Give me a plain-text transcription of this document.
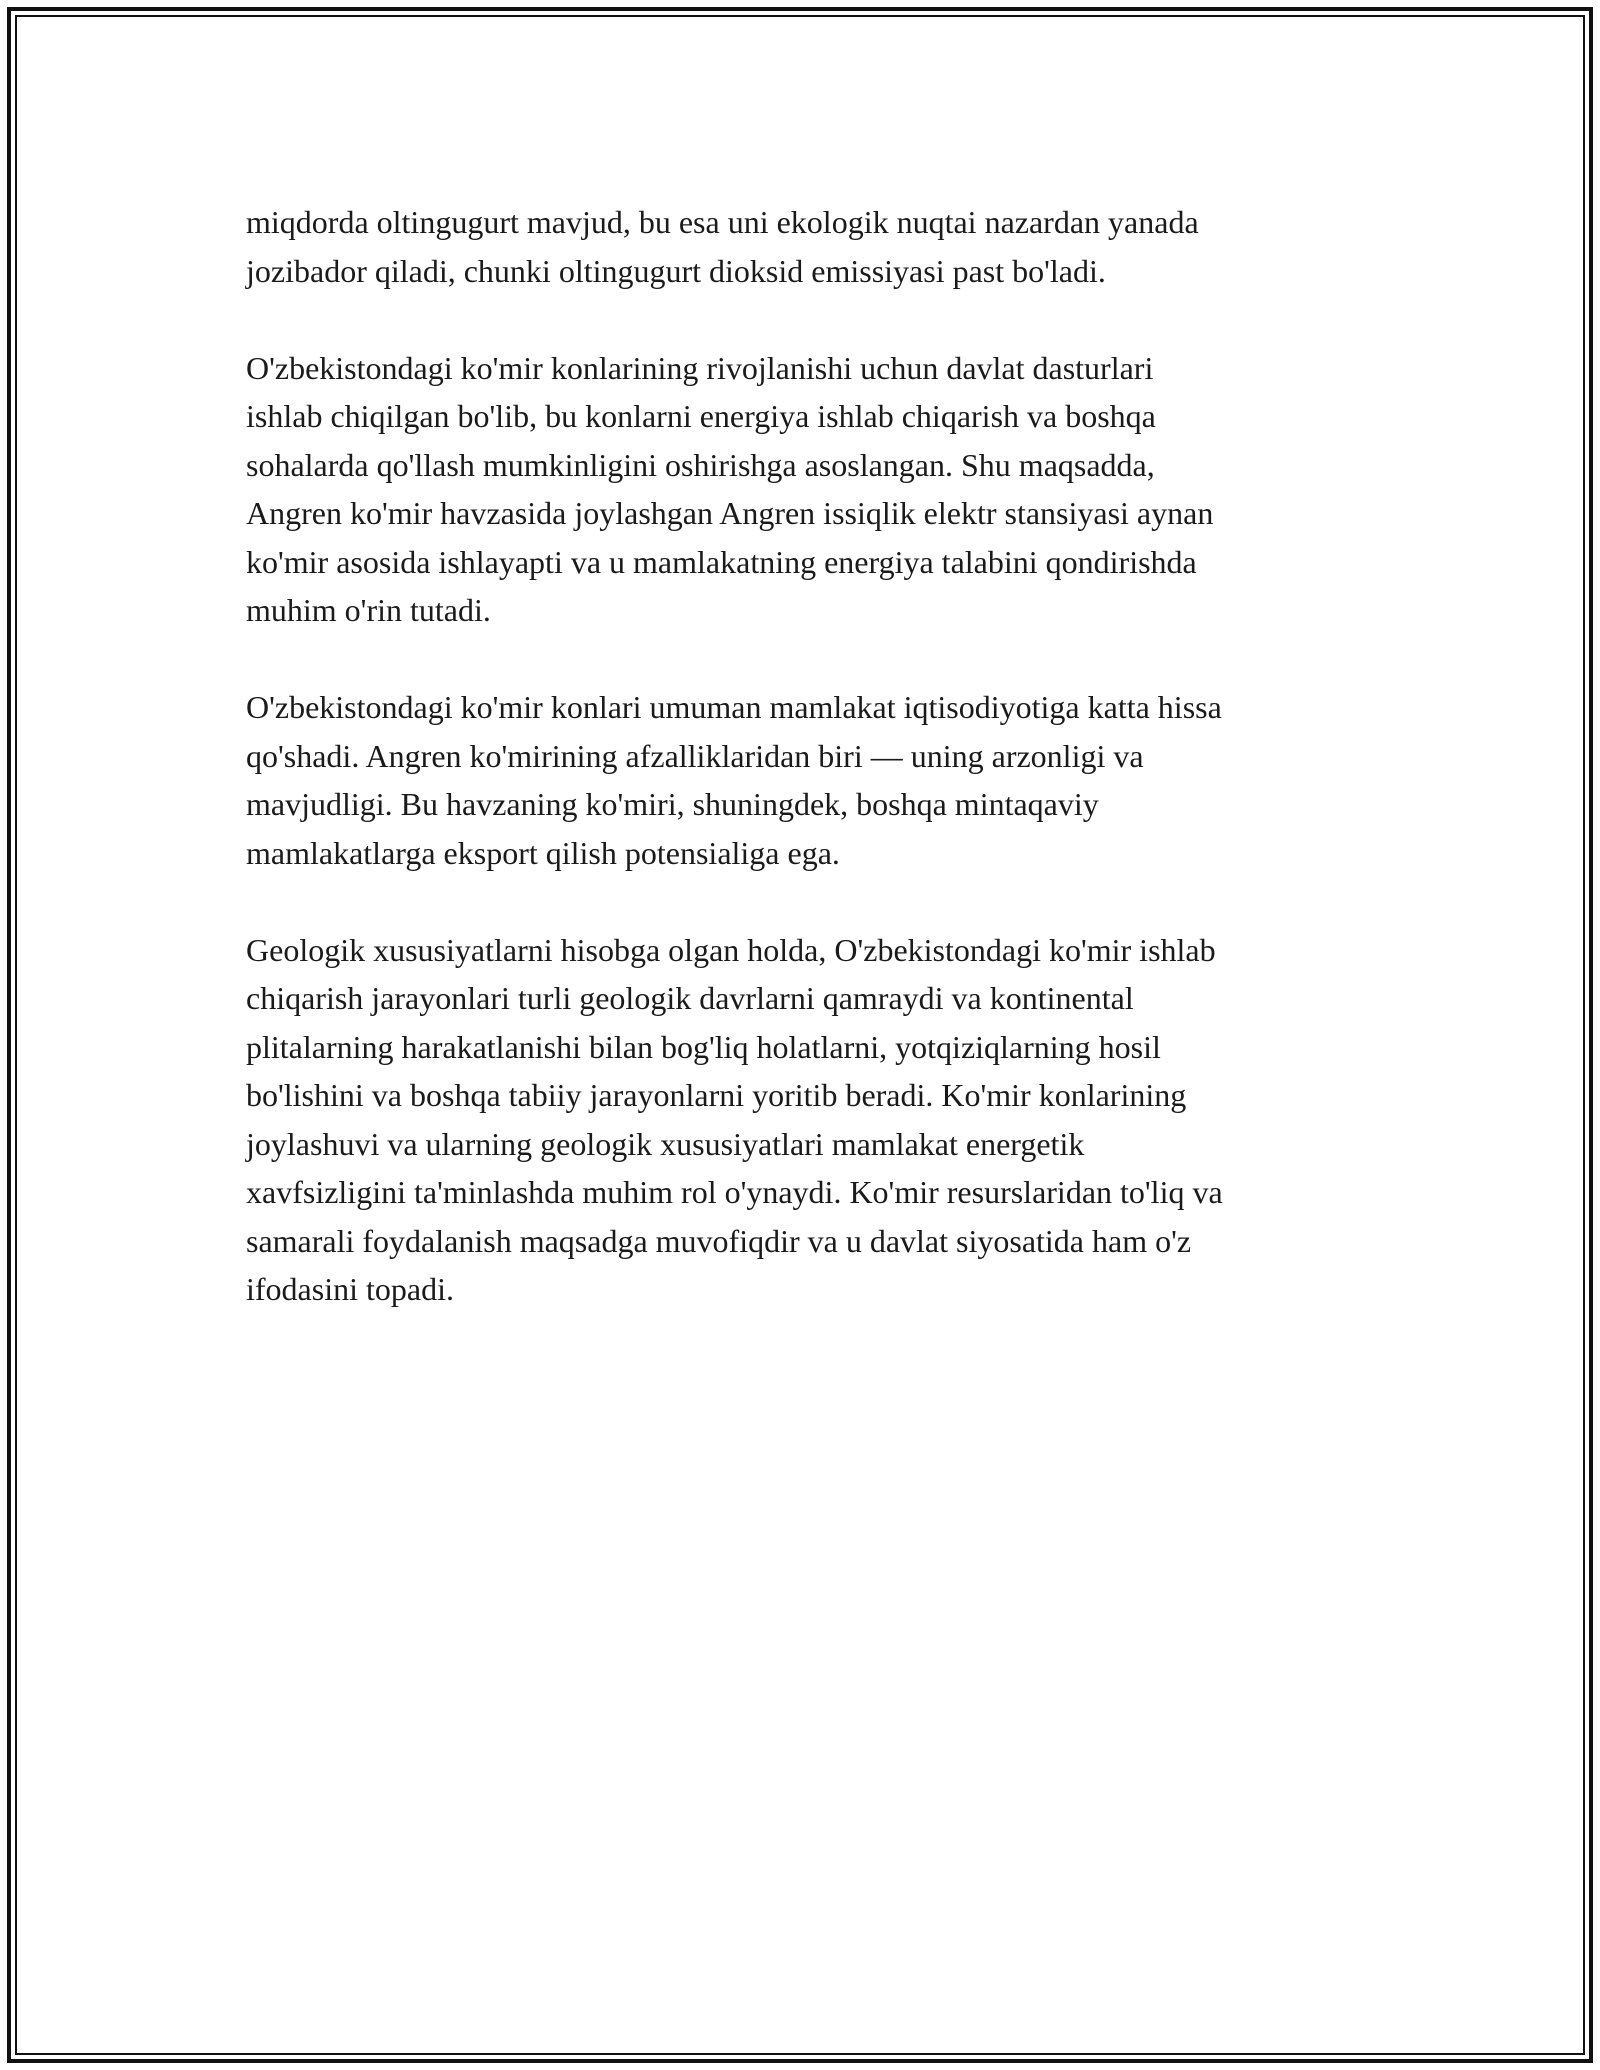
miqdorda oltingugurt mavjud, bu esa uni ekologik nuqtai nazardan yanada
jozibador qiladi, chunki oltingugurt dioksid emissiyasi past bo'ladi.

O'zbekistondagi ko'mir konlarining rivojlanishi uchun davlat dasturlari
ishlab chiqilgan bo'lib, bu konlarni energiya ishlab chiqarish va boshqa
sohalarda qo'llash mumkinligini oshirishga asoslangan. Shu maqsadda,
Angren ko'mir havzasida joylashgan Angren issiqlik elektr stansiyasi aynan
ko'mir asosida ishlayapti va u mamlakatning energiya talabini qondirishda
muhim o'rin tutadi.

O'zbekistondagi ko'mir konlari umuman mamlakat iqtisodiyotiga katta hissa
qo'shadi. Angren ko'mirining afzalliklaridan biri — uning arzonligi va
mavjudligi. Bu havzaning ko'miri, shuningdek, boshqa mintaqaviy
mamlakatlarga eksport qilish potensialiga ega.

Geologik xususiyatlarni hisobga olgan holda, O'zbekistondagi ko'mir ishlab
chiqarish jarayonlari turli geologik davrlarni qamraydi va kontinental
plitalarning harakatlanishi bilan bog'liq holatlarni, yotqiziqlarning hosil
bo'lishini va boshqa tabiiy jarayonlarni yoritib beradi. Ko'mir konlarining
joylashuvi va ularning geologik xususiyatlari mamlakat energetik
xavfsizligini ta'minlashda muhim rol o'ynaydi. Ko'mir resurslaridan to'liq va
samarali foydalanish maqsadga muvofiqdir va u davlat siyosatida ham o'z
ifodasini topadi.
